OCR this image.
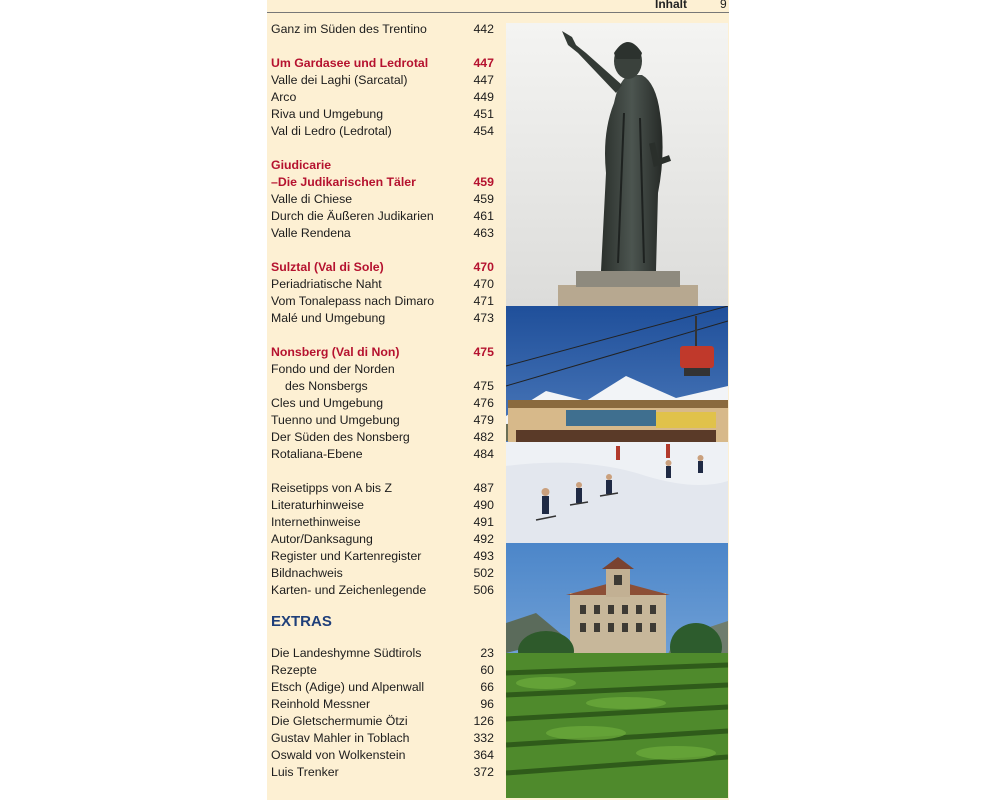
Inhalt	9
Ganz im Süden des Trentino	442
Um Gardasee und Ledrotal	447
Valle dei Laghi (Sarcatal)	447
Arco	449
Riva und Umgebung	451
Val di Ledro (Ledrotal)	454
Giudicarie
–Die Judikarischen Täler	459
Valle di Chiese	459
Durch die Äußeren Judikarien	461
Valle Rendena	463
Sulztal (Val di Sole)	470
Periadriatische Naht	470
Vom Tonalepass nach Dimaro	471
Malé und Umgebung	473
Nonsberg (Val di Non)	475
Fondo und der Norden
des Nonsbergs	475
Cles und Umgebung	476
Tuenno und Umgebung	479
Der Süden des Nonsberg	482
Rotaliana-Ebene	484
Reisetipps von A bis Z	487
Literaturhinweise	490
Internethinweise	491
Autor/Danksagung	492
Register und Kartenregister	493
Bildnachweis	502
Karten- und Zeichenlegende	506
EXTRAS
Die Landeshymne Südtirols	23
Rezepte	60
Etsch (Adige) und Alpenwall	66
Reinhold Messner	96
Die Gletschermumie Ötzi	126
Gustav Mahler in Toblach	332
Oswald von Wolkenstein	364
Luis Trenker	372
